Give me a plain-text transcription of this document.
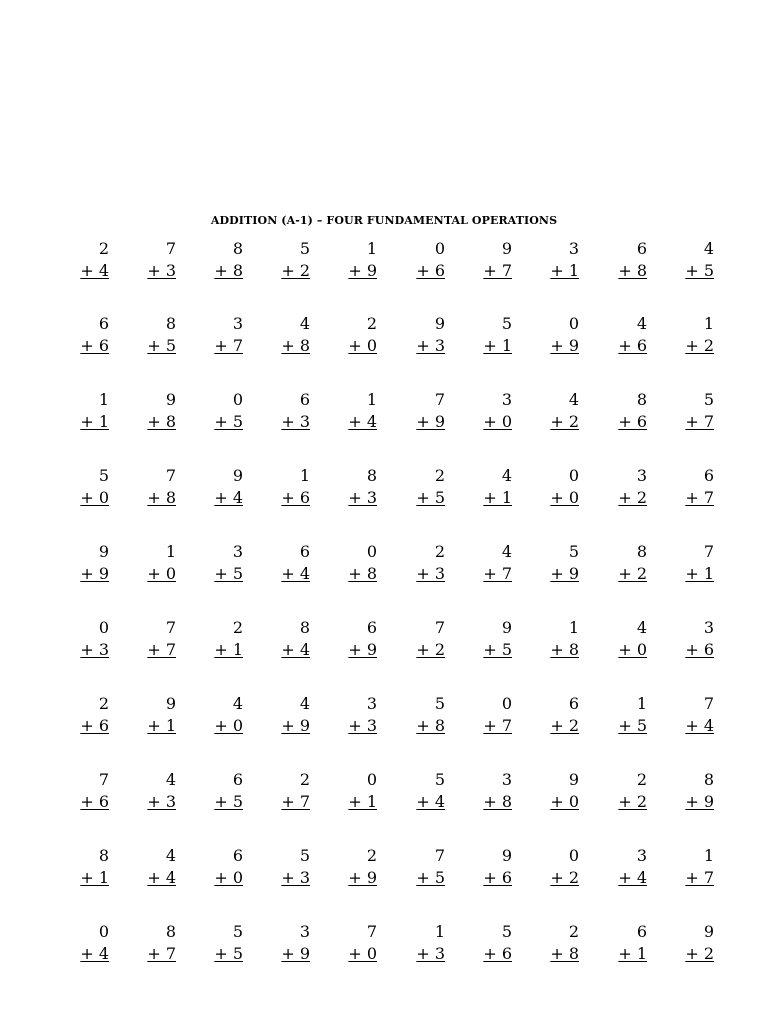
ADDITION (A-1) – FOUR FUNDAMENTAL OPERATIONS
2
+ 4
7
+ 3
8
+ 8
5
+ 2
1
+ 9
0
+ 6
9
+ 7
3
+ 1
6
+ 8
4
+ 5
6
+ 6
8
+ 5
3
+ 7
4
+ 8
2
+ 0
9
+ 3
5
+ 1
0
+ 9
4
+ 6
1
+ 2
1
+ 1
9
+ 8
0
+ 5
6
+ 3
1
+ 4
7
+ 9
3
+ 0
4
+ 2
8
+ 6
5
+ 7
5
+ 0
7
+ 8
9
+ 4
1
+ 6
8
+ 3
2
+ 5
4
+ 1
0
+ 0
3
+ 2
6
+ 7
9
+ 9
1
+ 0
3
+ 5
6
+ 4
0
+ 8
2
+ 3
4
+ 7
5
+ 9
8
+ 2
7
+ 1
0
+ 3
7
+ 7
2
+ 1
8
+ 4
6
+ 9
7
+ 2
9
+ 5
1
+ 8
4
+ 0
3
+ 6
2
+ 6
9
+ 1
4
+ 0
4
+ 9
3
+ 3
5
+ 8
0
+ 7
6
+ 2
1
+ 5
7
+ 4
7
+ 6
4
+ 3
6
+ 5
2
+ 7
0
+ 1
5
+ 4
3
+ 8
9
+ 0
2
+ 2
8
+ 9
8
+ 1
4
+ 4
6
+ 0
5
+ 3
2
+ 9
7
+ 5
9
+ 6
0
+ 2
3
+ 4
1
+ 7
0
+ 4
8
+ 7
5
+ 5
3
+ 9
7
+ 0
1
+ 3
5
+ 6
2
+ 8
6
+ 1
9
+ 2
